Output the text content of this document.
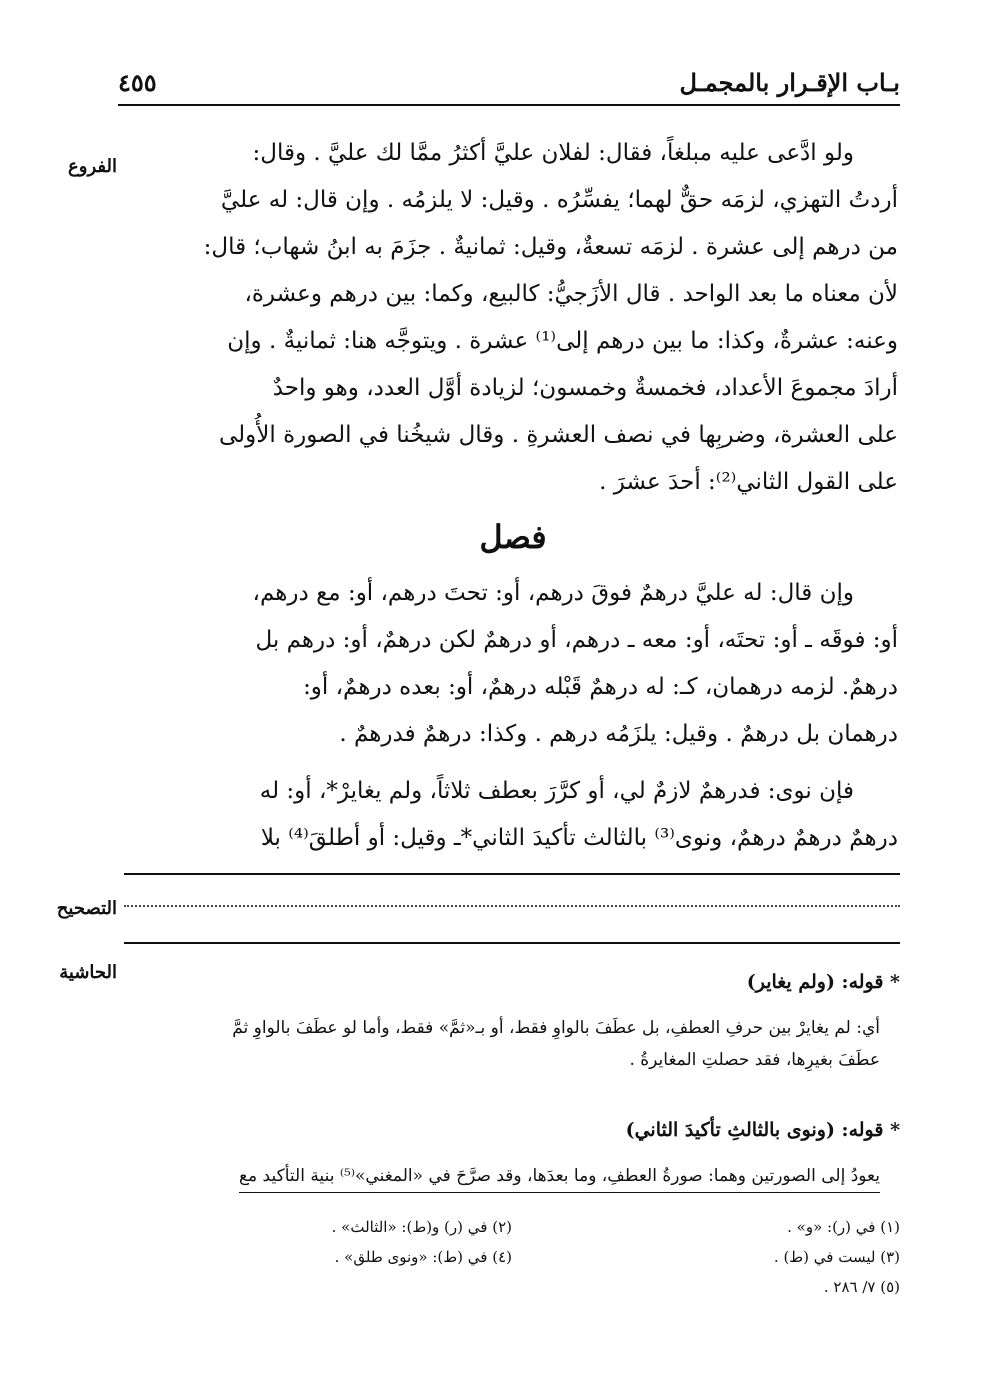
بـاب الإقـرار بالمجمـل
٤٥٥
الفروع
التصحيح
الحاشية
ولو ادَّعى عليه مبلغاً، فقال: لفلان عليَّ أكثرُ ممَّا لك عليَّ . وقال:
أردتُ التهزي، لزمَه حقٌّ لهما؛ يفسِّرُه . وقيل: لا يلزمُه . وإن قال: له عليَّ
من درهم إلى عشرة . لزمَه تسعةٌ، وقيل: ثمانيةٌ . جزَمَ به ابنُ شهاب؛ قال:
لأن معناه ما بعد الواحد . قال الأزَجيُّ: كالبيع، وكما: بين درهم وعشرة،
وعنه: عشرةٌ، وكذا: ما بين درهم إلى⁽¹⁾ عشرة . ويتوجَّه هنا: ثمانيةٌ . وإن
أرادَ مجموعَ الأعداد، فخمسةٌ وخمسون؛ لزيادة أوَّل العدد، وهو واحدٌ
على العشرة، وضربِها في نصف العشرةِ . وقال شيخُنا في الصورة الأُولى
على القول الثاني⁽²⁾: أحدَ عشرَ .
فصل
وإن قال: له عليَّ درهمٌ فوقَ درهم، أو: تحتَ درهم، أو: مع درهم،
أو: فوقَه ـ أو: تحتَه، أو: معه ـ درهم، أو درهمٌ لكن درهمٌ، أو: درهم بل
درهمٌ. لزمه درهمان، كـ: له درهمٌ قَبْله درهمٌ، أو: بعده درهمٌ، أو:
درهمان بل درهمٌ . وقيل: يلزَمُه درهم . وكذا: درهمٌ فدرهمٌ .
فإن نوى: فدرهمٌ لازمٌ لي، أو كرَّرَ بعطف ثلاثاً، ولم يغايرْ*، أو: له
درهمٌ درهمٌ درهمٌ، ونوى⁽³⁾ بالثالث تأكيدَ الثاني*ـ وقيل: أو أطلقَ⁽⁴⁾ بلا
* قوله: (ولم يغاير)
أي: لم يغايرْ بين حرفِ العطفِ، بل عطَفَ بالواوِ فقط، أو بـ«ثمَّ» فقط، وأما لو عطَفَ بالواوِ ثمَّ
عطَفَ بغيرِها، فقد حصلتِ المغايرةُ .
* قوله: (ونوى بالثالثِ تأكيدَ الثاني)
يعودُ إلى الصورتين وهما: صورةُ العطفِ، وما بعدَها، وقد صرَّحَ في «المغني»⁽⁵⁾ بنية التأكيد مع
(١) في (ر): «و» .
(٢) في (ر) و(ط): «الثالث» .
(٣) ليست في (ط) .
(٤) في (ط): «ونوى طلق» .
(٥) ٧/ ٢٨٦ .
